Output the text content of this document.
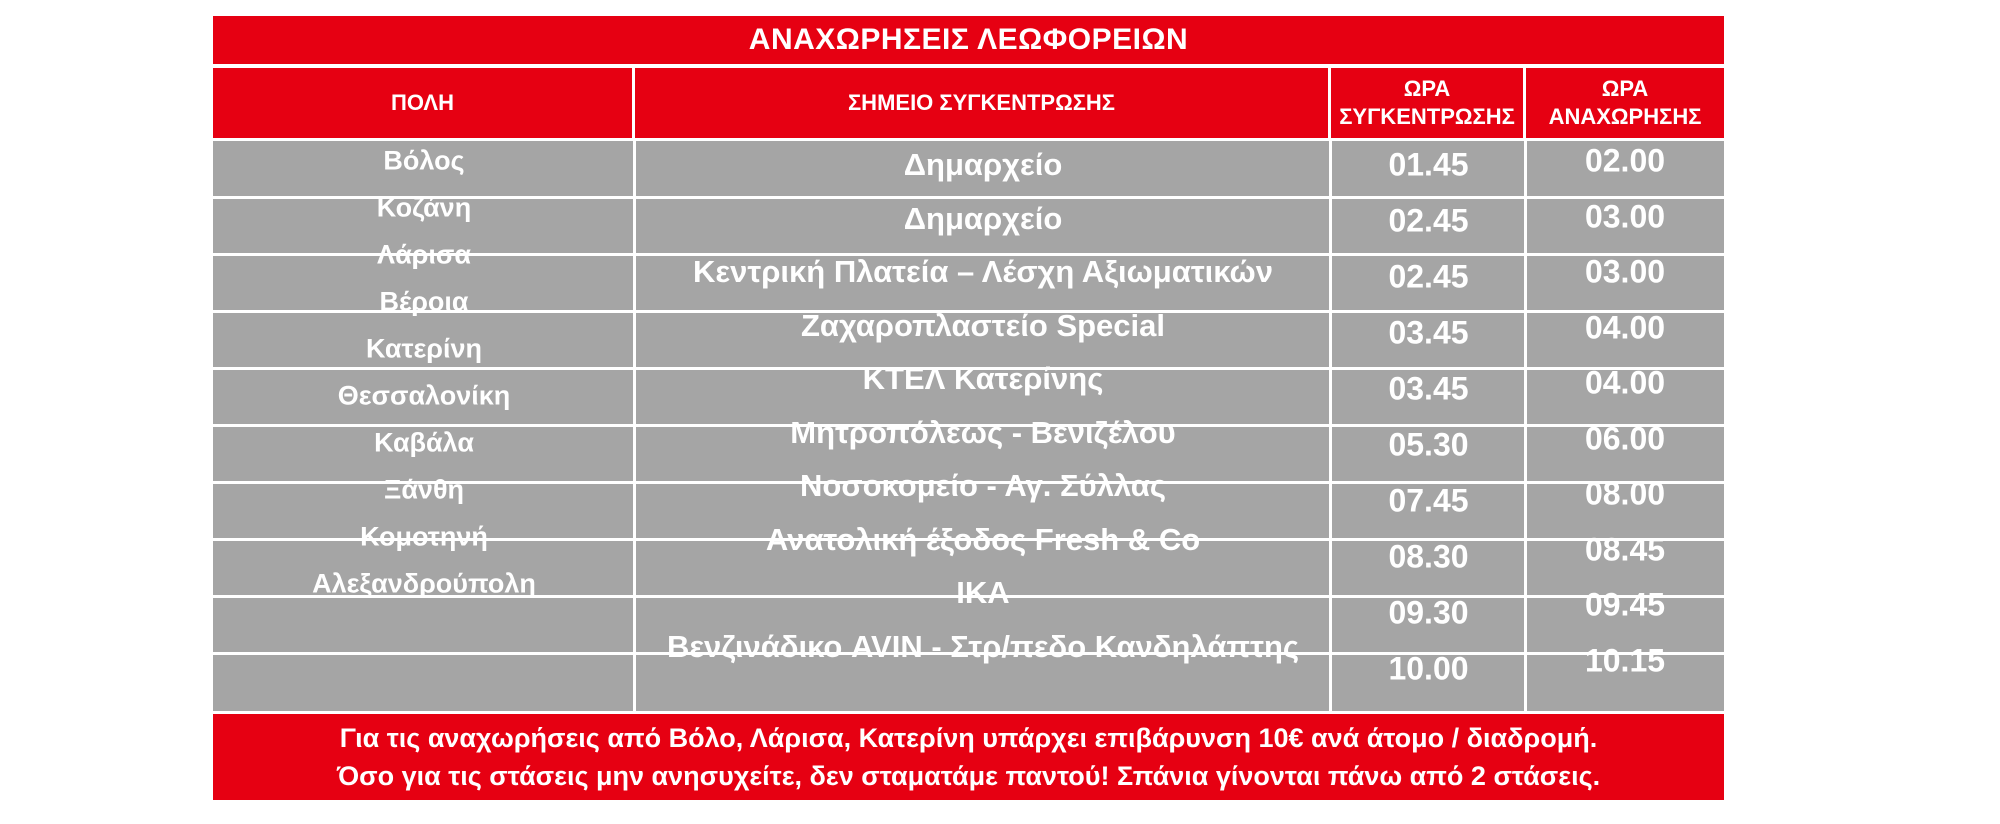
ΑΝΑΧΩΡΗΣΕΙΣ ΛΕΩΦΟΡΕΙΩΝ
ΠΟΛΗ	ΣΗΜΕΙΟ ΣΥΓΚΕΝΤΡΩΣΗΣ
ΩΡΑ
ΣΥΓΚΕΝΤΡΩΣΗΣ
ΩΡΑ
ΑΝΑΧΩΡΗΣΗΣ
Βόλος
Κοζάνη
Λάρισα
Βέροια
Κατερίνη
Θεσσαλονίκη
Καβάλα
Ξάνθη
Κομοτηνή
Αλεξανδρούπολη
Δημαρχείο
Δημαρχείο
Κεντρική Πλατεία – Λέσχη Αξιωματικών
Ζαχαροπλαστείο Special
ΚΤΕΛ Κατερίνης
Μητροπόλεως - Βενιζέλου
Νοσοκομείο - Αγ. Σύλλας
Ανατολική έξοδος Fresh & Co
ΙΚΑ
Βενζινάδικο AVIN - Στρ/πεδο Κανδηλάπτης
01.45
02.45
02.45
03.45
03.45
05.30
07.45
08.30
09.30
10.00
02.00
03.00
03.00
04.00
04.00
06.00
08.00
08.45
09.45
10.15
Για τις αναχωρήσεις από Βόλο, Λάρισα, Κατερίνη υπάρχει επιβάρυνση 10€ ανά άτομο / διαδρομή.
Όσο για τις στάσεις μην ανησυχείτε, δεν σταματάμε παντού! Σπάνια γίνονται πάνω από 2 στάσεις.
